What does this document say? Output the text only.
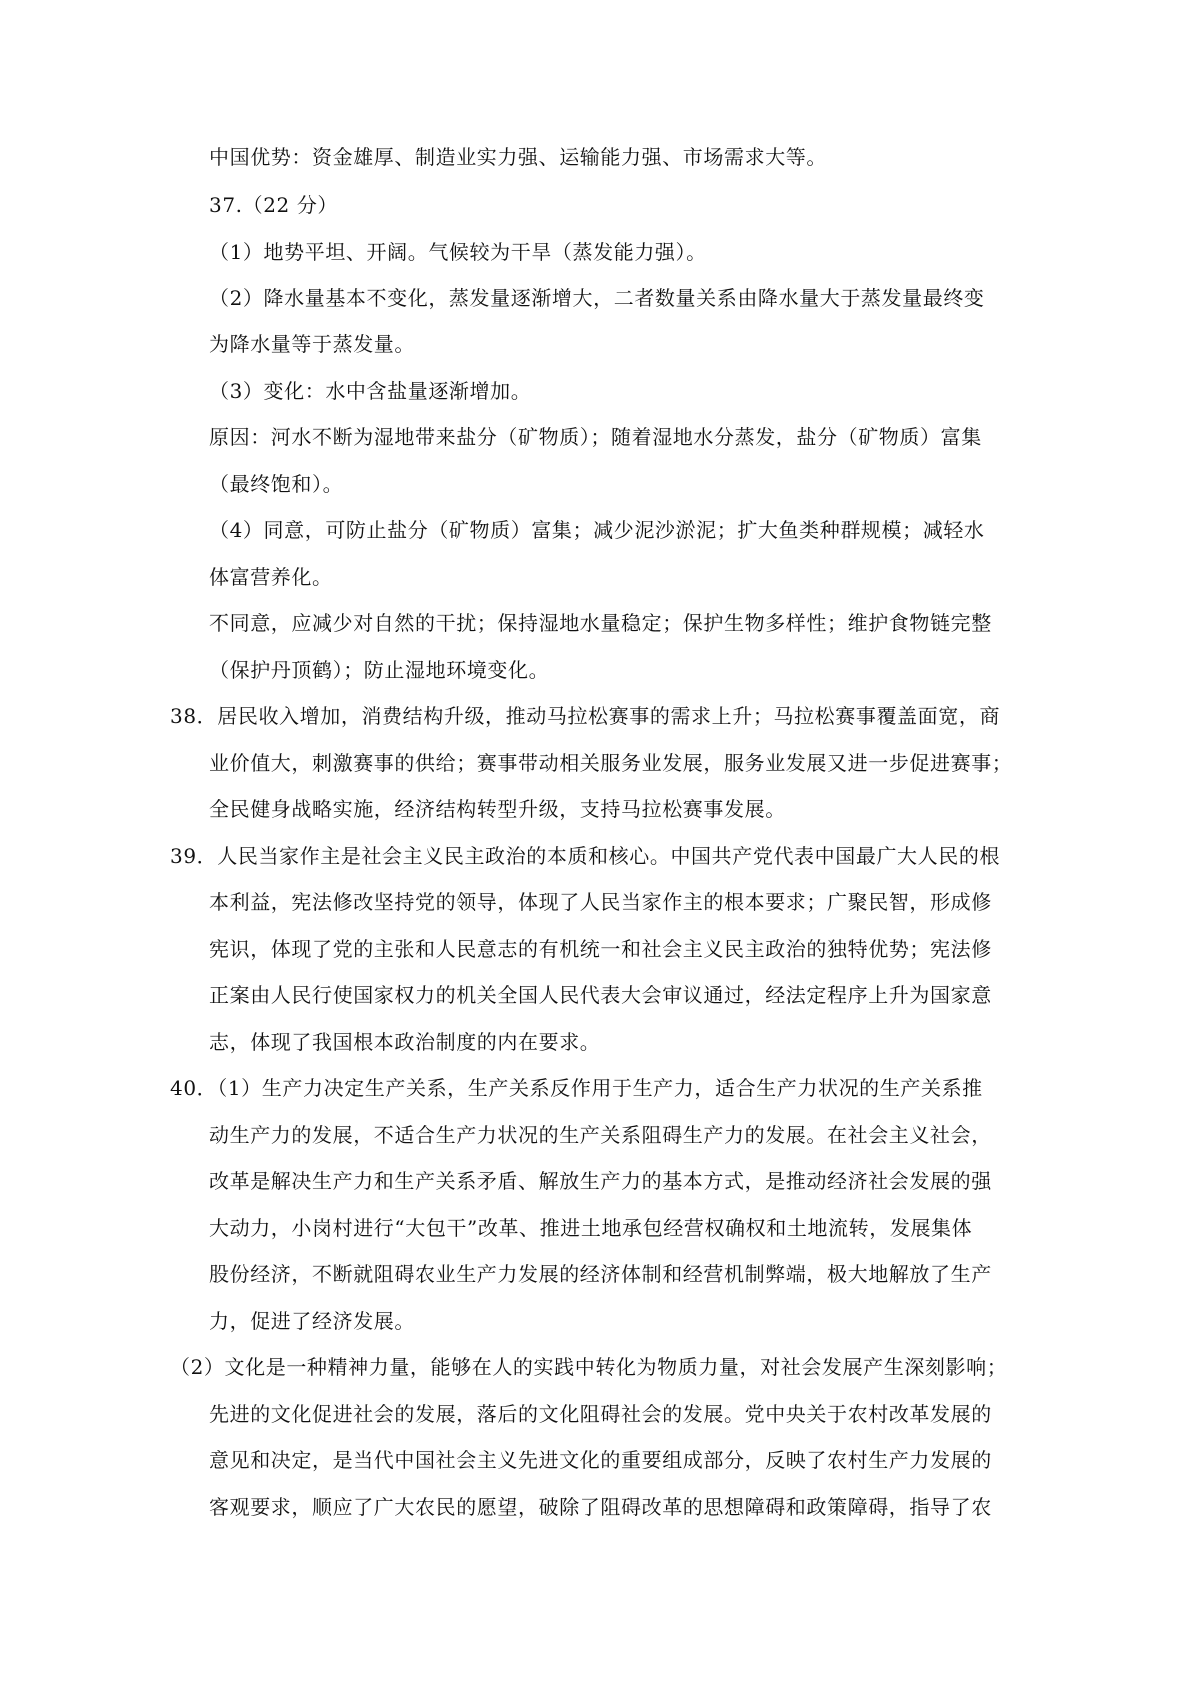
中国优势：资金雄厚、制造业实力强、运输能力强、市场需求大等。
37.（22 分）
（1）地势平坦、开阔。气候较为干旱（蒸发能力强）。
（2）降水量基本不变化，蒸发量逐渐增大，二者数量关系由降水量大于蒸发量最终变
为降水量等于蒸发量。
（3）变化：水中含盐量逐渐增加。
原因：河水不断为湿地带来盐分（矿物质）；随着湿地水分蒸发，盐分（矿物质）富集
（最终饱和）。
（4）同意，可防止盐分（矿物质）富集；减少泥沙淤泥；扩大鱼类种群规模；减轻水
体富营养化。
不同意，应减少对自然的干扰；保持湿地水量稳定；保护生物多样性；维护食物链完整
（保护丹顶鹤）；防止湿地环境变化。
38．居民收入增加，消费结构升级，推动马拉松赛事的需求上升；马拉松赛事覆盖面宽，商
业价值大，刺激赛事的供给；赛事带动相关服务业发展，服务业发展又进一步促进赛事；
全民健身战略实施，经济结构转型升级，支持马拉松赛事发展。
39．人民当家作主是社会主义民主政治的本质和核心。中国共产党代表中国最广大人民的根
本利益，宪法修改坚持党的领导，体现了人民当家作主的根本要求；广聚民智，形成修
宪识，体现了党的主张和人民意志的有机统一和社会主义民主政治的独特优势；宪法修
正案由人民行使国家权力的机关全国人民代表大会审议通过，经法定程序上升为国家意
志，体现了我国根本政治制度的内在要求。
40．（1）生产力决定生产关系，生产关系反作用于生产力，适合生产力状况的生产关系推
动生产力的发展，不适合生产力状况的生产关系阻碍生产力的发展。在社会主义社会，
改革是解决生产力和生产关系矛盾、解放生产力的基本方式，是推动经济社会发展的强
大动力，小岗村进行“大包干”改革、推进土地承包经营权确权和土地流转，发展集体
股份经济，不断就阻碍农业生产力发展的经济体制和经营机制弊端，极大地解放了生产
力，促进了经济发展。
（2）文化是一种精神力量，能够在人的实践中转化为物质力量，对社会发展产生深刻影响；
先进的文化促进社会的发展，落后的文化阻碍社会的发展。党中央关于农村改革发展的
意见和决定，是当代中国社会主义先进文化的重要组成部分，反映了农村生产力发展的
客观要求，顺应了广大农民的愿望，破除了阻碍改革的思想障碍和政策障碍，指导了农
